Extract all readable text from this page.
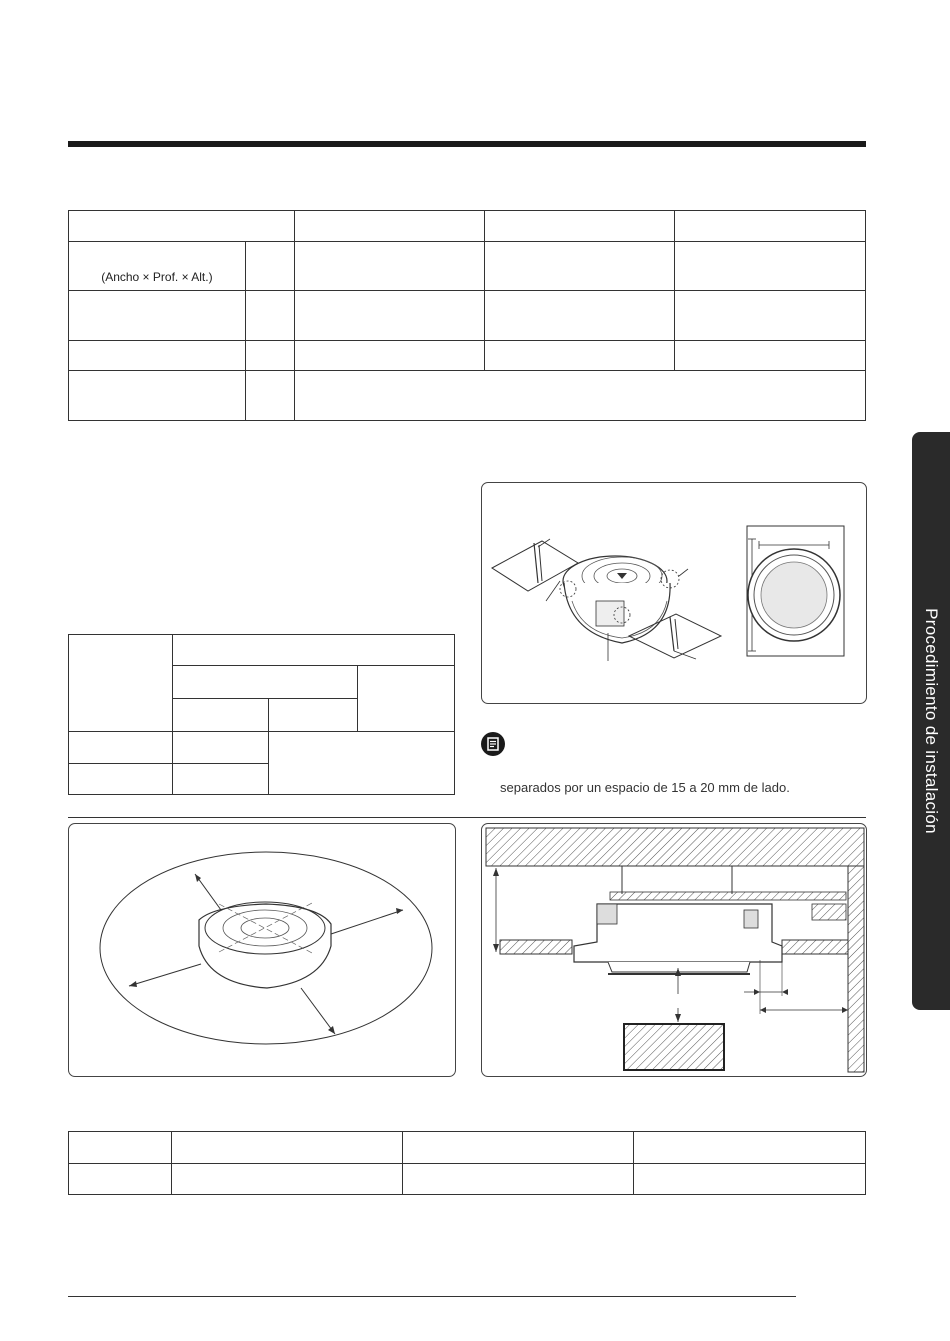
(Ancho × Prof. × Alt.)				

Procedimiento de instalación

separados por un espacio de 15 a 20 mm de lado.
